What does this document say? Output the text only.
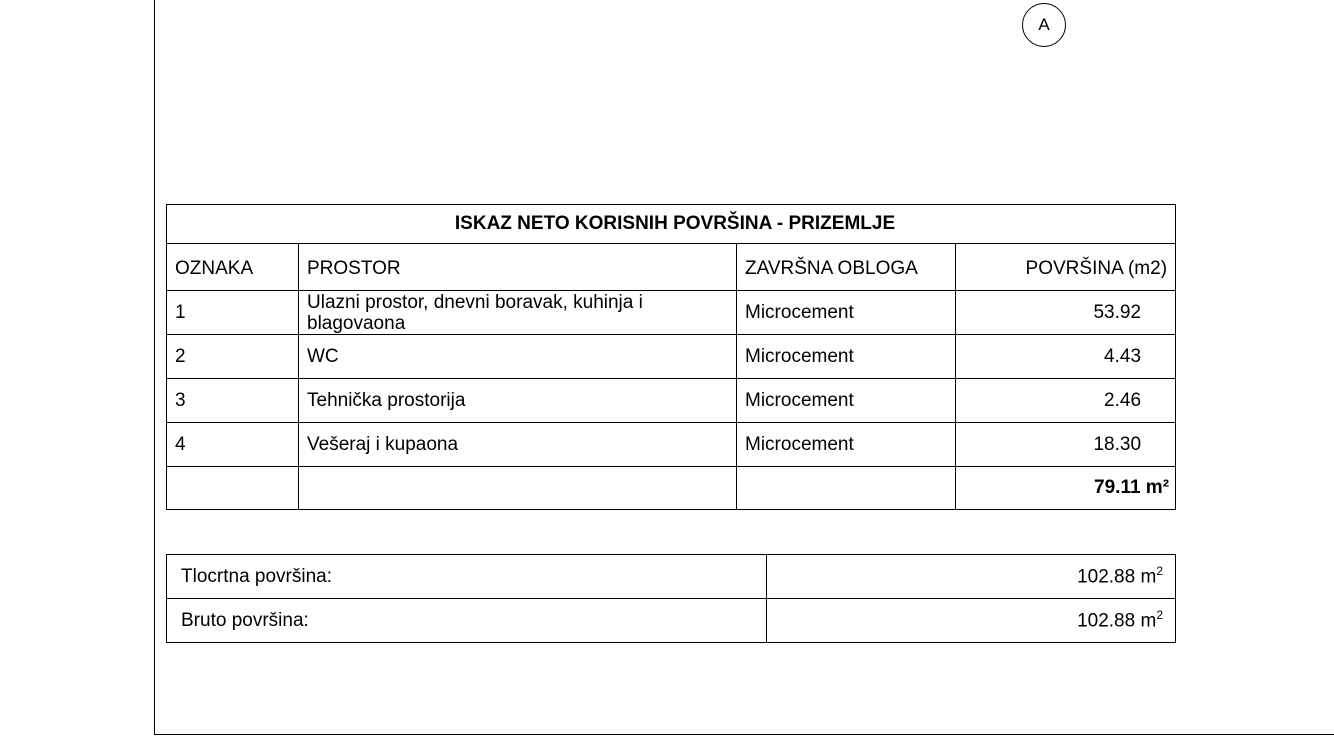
A
ISKAZ NETO KORISNIH POVRŠINA - PRIZEMLJE			
OZNAKA	PROSTOR	ZAVRŠNA OBLOGA	POVRŠINA (m2)
1	Ulazni prostor, dnevni boravak, kuhinja i blagovaona	Microcement	53.92
2	WC	Microcement	4.43
3	Tehnička prostorija	Microcement	2.46
4	Vešeraj i kupaona	Microcement	18.30
			79.11 m²
Tlocrtna površina:	102.88 $m^2$
Bruto površina:	102.88 $m^2$
